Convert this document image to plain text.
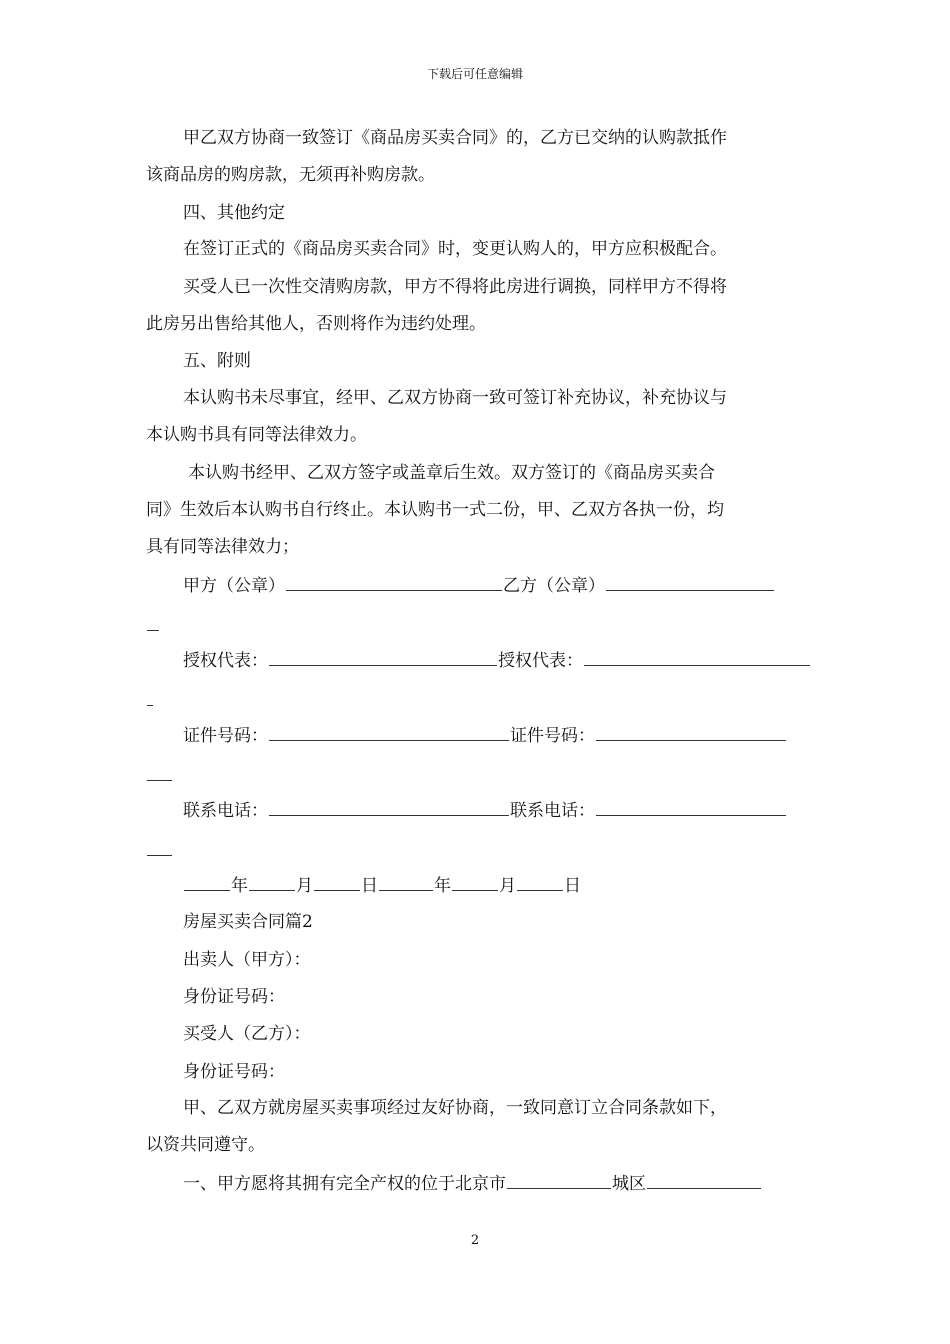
下载后可任意编辑
甲乙双方协商一致签订《商品房买卖合同》的，乙方已交纳的认购款抵作
该商品房的购房款，无须再补购房款。
四、其他约定
在签订正式的《商品房买卖合同》时，变更认购人的，甲方应积极配合。
买受人已一次性交清购房款，甲方不得将此房进行调换，同样甲方不得将
此房另出售给其他人，否则将作为违约处理。
五、附则
本认购书未尽事宜，经甲、乙双方协商一致可签订补充协议，补充协议与
本认购书具有同等法律效力。
本认购书经甲、乙双方签字或盖章后生效。双方签订的《商品房买卖合
同》生效后本认购书自行终止。本认购书一式二份，甲、乙双方各执一份，均
具有同等法律效力；
甲方（公章）	乙方（公章）
授权代表：	授权代表：
证件号码：	证件号码：
联系电话：	联系电话：
年	月	日	年	月	日
房屋买卖合同篇2
出卖人（甲方）：
身份证号码：
买受人（乙方）：
身份证号码：
甲、乙双方就房屋买卖事项经过友好协商，一致同意订立合同条款如下，
以资共同遵守。
一、甲方愿将其拥有完全产权的位于北京市	城区
2
